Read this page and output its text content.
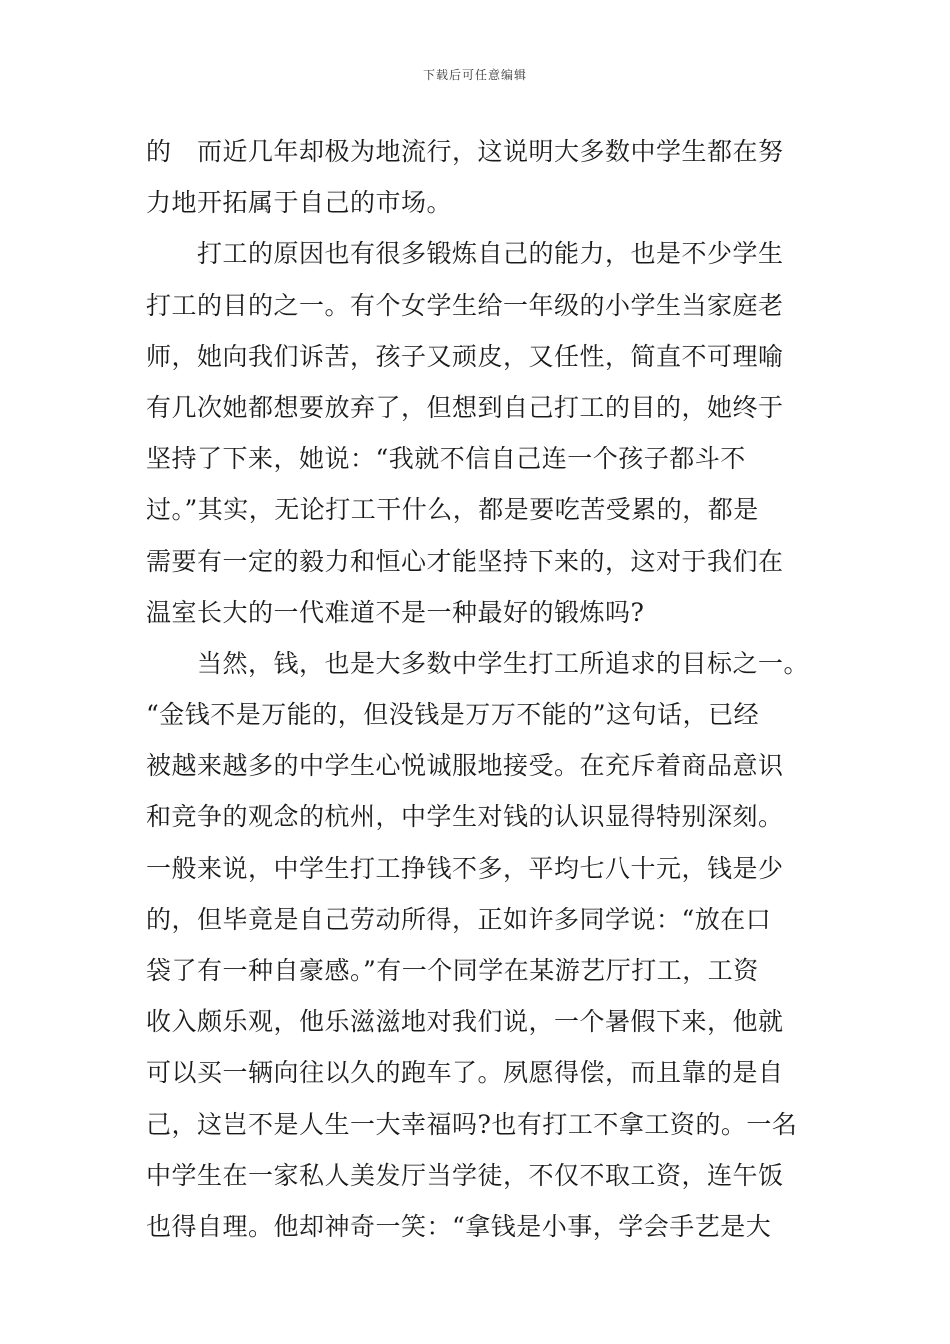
下载后可任意编辑
的　而近几年却极为地流行，这说明大多数中学生都在努
力地开拓属于自己的市场。
　　打工的原因也有很多锻炼自己的能力，也是不少学生
打工的目的之一。有个女学生给一年级的小学生当家庭老
师，她向我们诉苦，孩子又顽皮，又任性，简直不可理喻
有几次她都想要放弃了，但想到自己打工的目的，她终于
坚持了下来，她说：“我就不信自己连一个孩子都斗不
过。”其实，无论打工干什么，都是要吃苦受累的，都是
需要有一定的毅力和恒心才能坚持下来的，这对于我们在
温室长大的一代难道不是一种最好的锻炼吗?
　　当然，钱，也是大多数中学生打工所追求的目标之一。
“金钱不是万能的，但没钱是万万不能的”这句话，已经
被越来越多的中学生心悦诚服地接受。在充斥着商品意识
和竞争的观念的杭州，中学生对钱的认识显得特别深刻。
一般来说，中学生打工挣钱不多，平均七八十元，钱是少
的，但毕竟是自己劳动所得，正如许多同学说：“放在口
袋了有一种自豪感。”有一个同学在某游艺厅打工，工资
收入颇乐观，他乐滋滋地对我们说，一个暑假下来，他就
可以买一辆向往以久的跑车了。夙愿得偿，而且靠的是自
己，这岂不是人生一大幸福吗?也有打工不拿工资的。一名
中学生在一家私人美发厅当学徒，不仅不取工资，连午饭
也得自理。他却神奇一笑：“拿钱是小事，学会手艺是大
